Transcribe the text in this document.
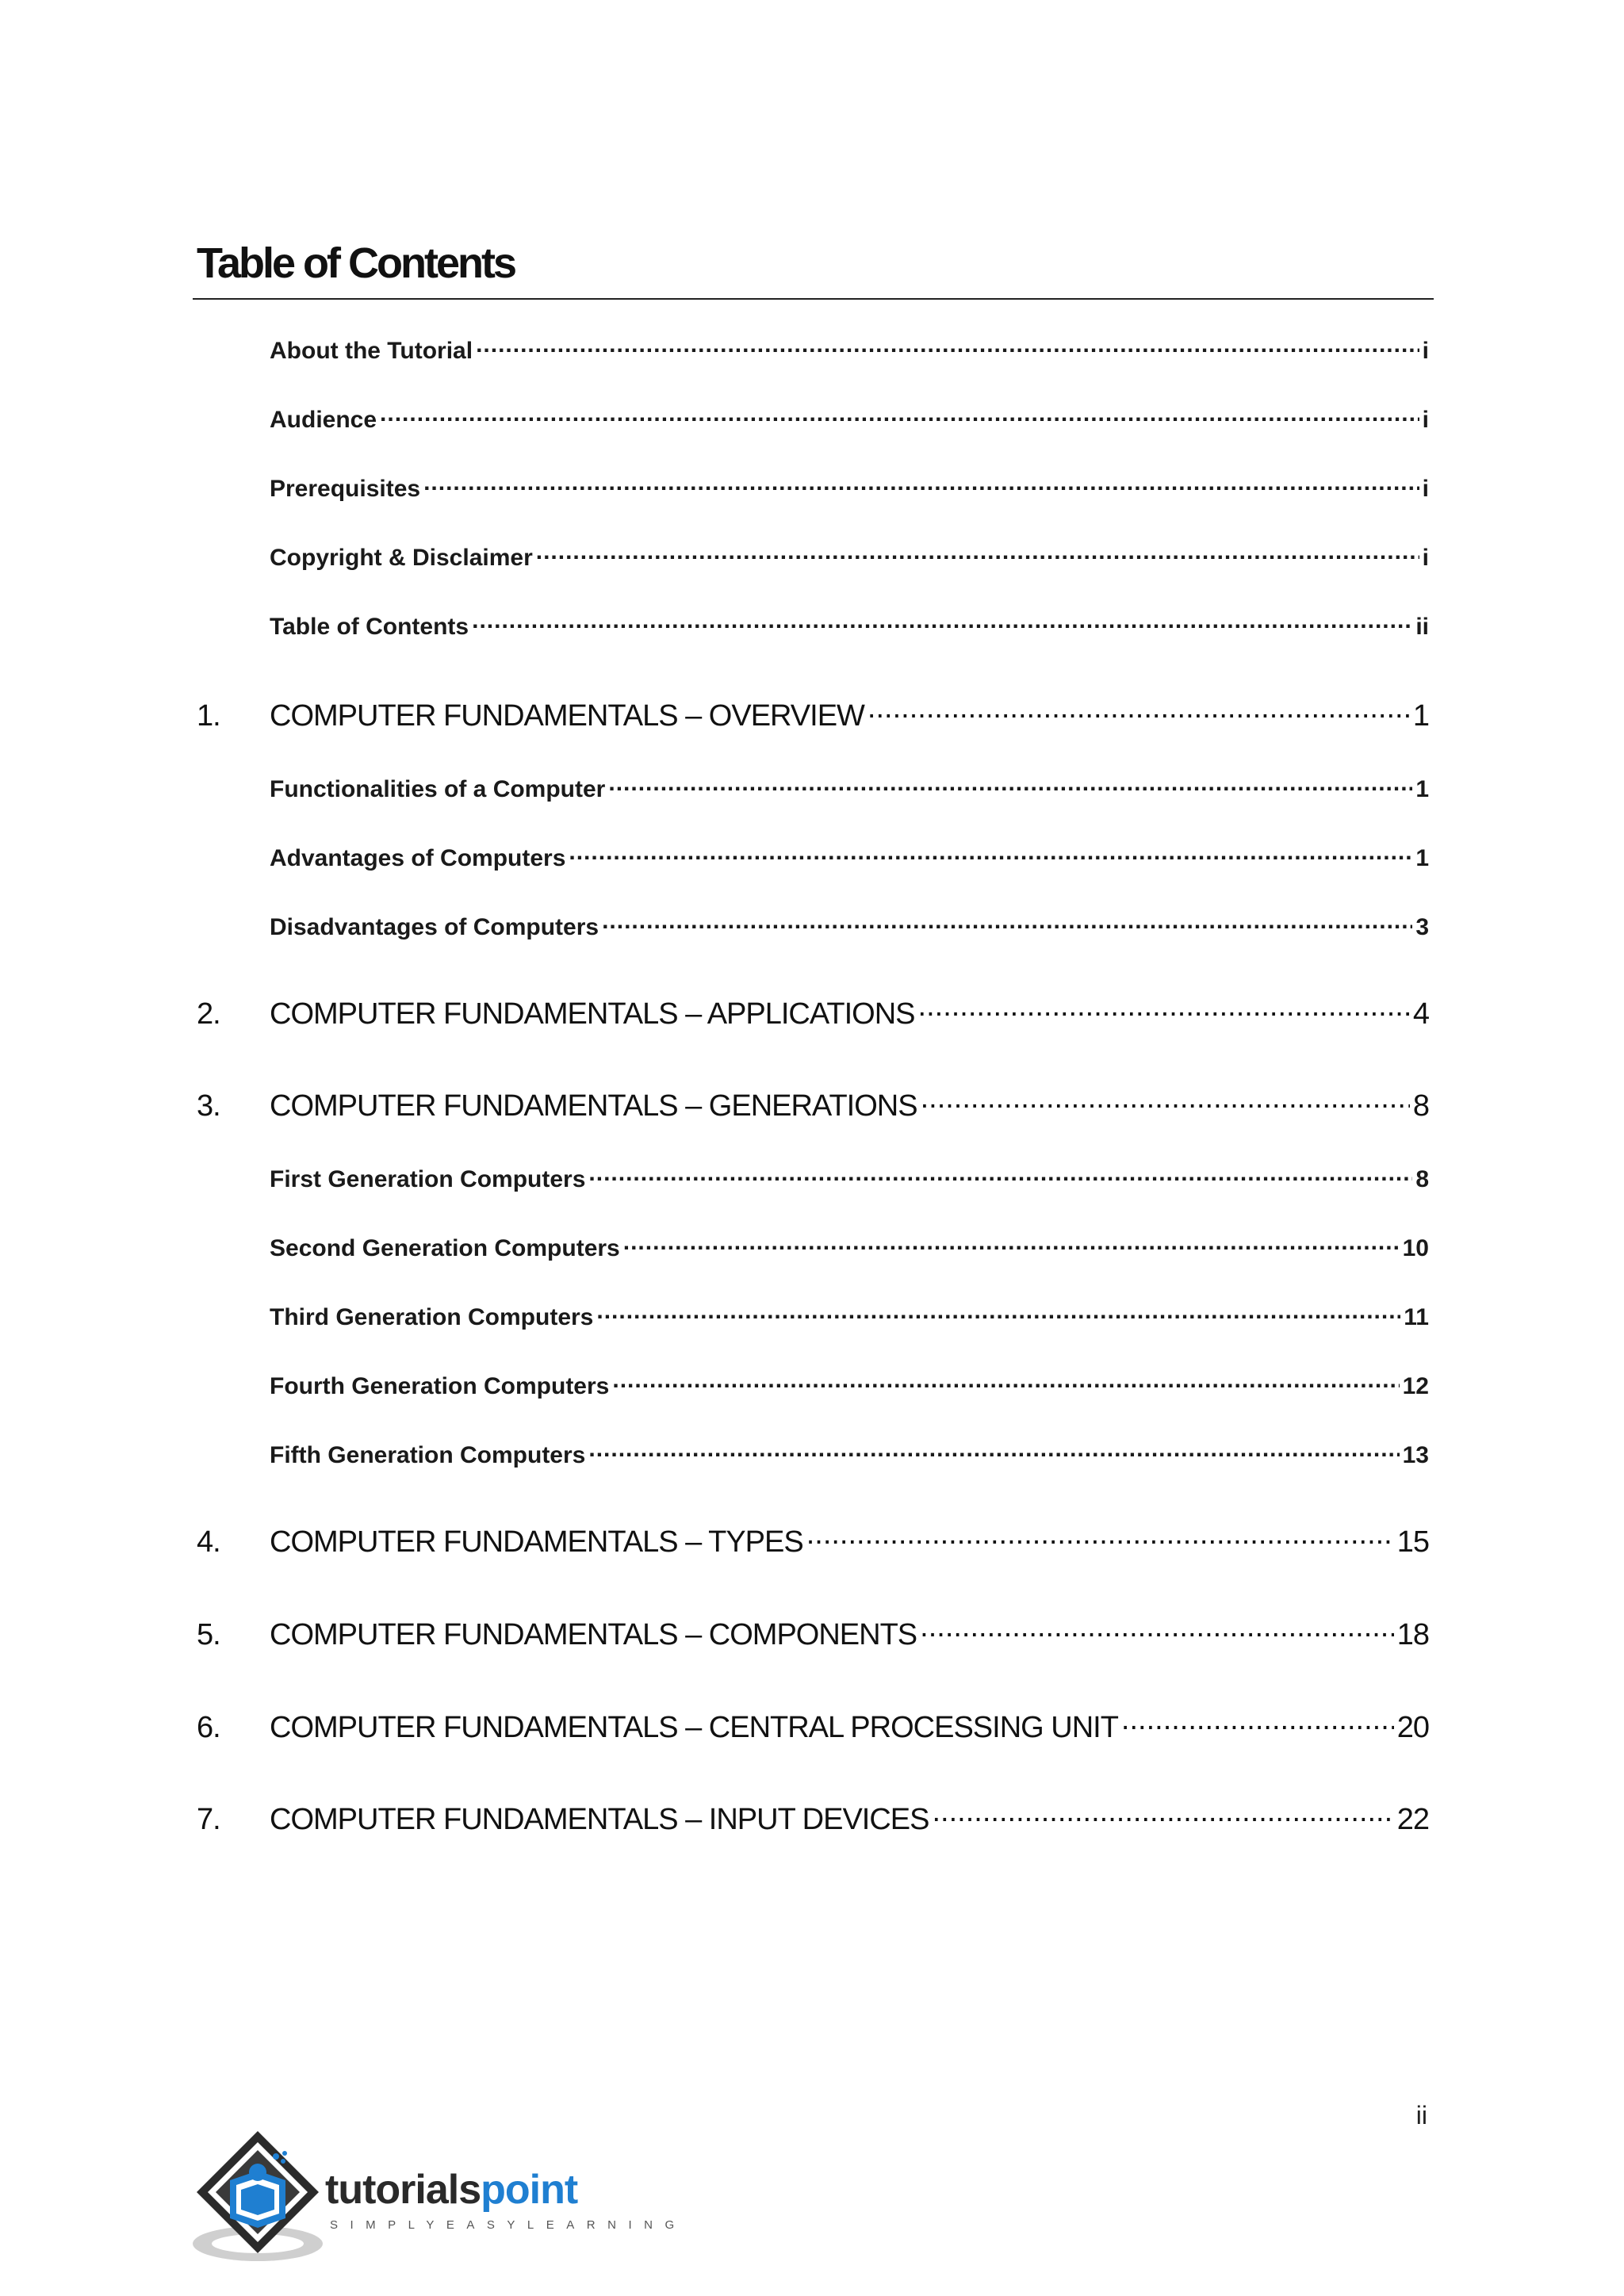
Table of Contents
About the Tutorial .....	i
Audience .....	i
Prerequisites .....	i
Copyright & Disclaimer .....	i
Table of Contents .....	ii
1.	COMPUTER FUNDAMENTALS – OVERVIEW .....	1
Functionalities of a Computer .....	1
Advantages of Computers .....	1
Disadvantages of Computers .....	3
2.	COMPUTER FUNDAMENTALS – APPLICATIONS .....	4
3.	COMPUTER FUNDAMENTALS – GENERATIONS .....	8
First Generation Computers .....	8
Second Generation Computers .....	10
Third Generation Computers .....	11
Fourth Generation Computers .....	12
Fifth Generation Computers .....	13
4.	COMPUTER FUNDAMENTALS – TYPES .....	15
5.	COMPUTER FUNDAMENTALS – COMPONENTS .....	18
6.	COMPUTER FUNDAMENTALS – CENTRAL PROCESSING UNIT .....	20
7.	COMPUTER FUNDAMENTALS – INPUT DEVICES .....	22
ii
tutorialspoint
SIMPLYEASYLEARNING
